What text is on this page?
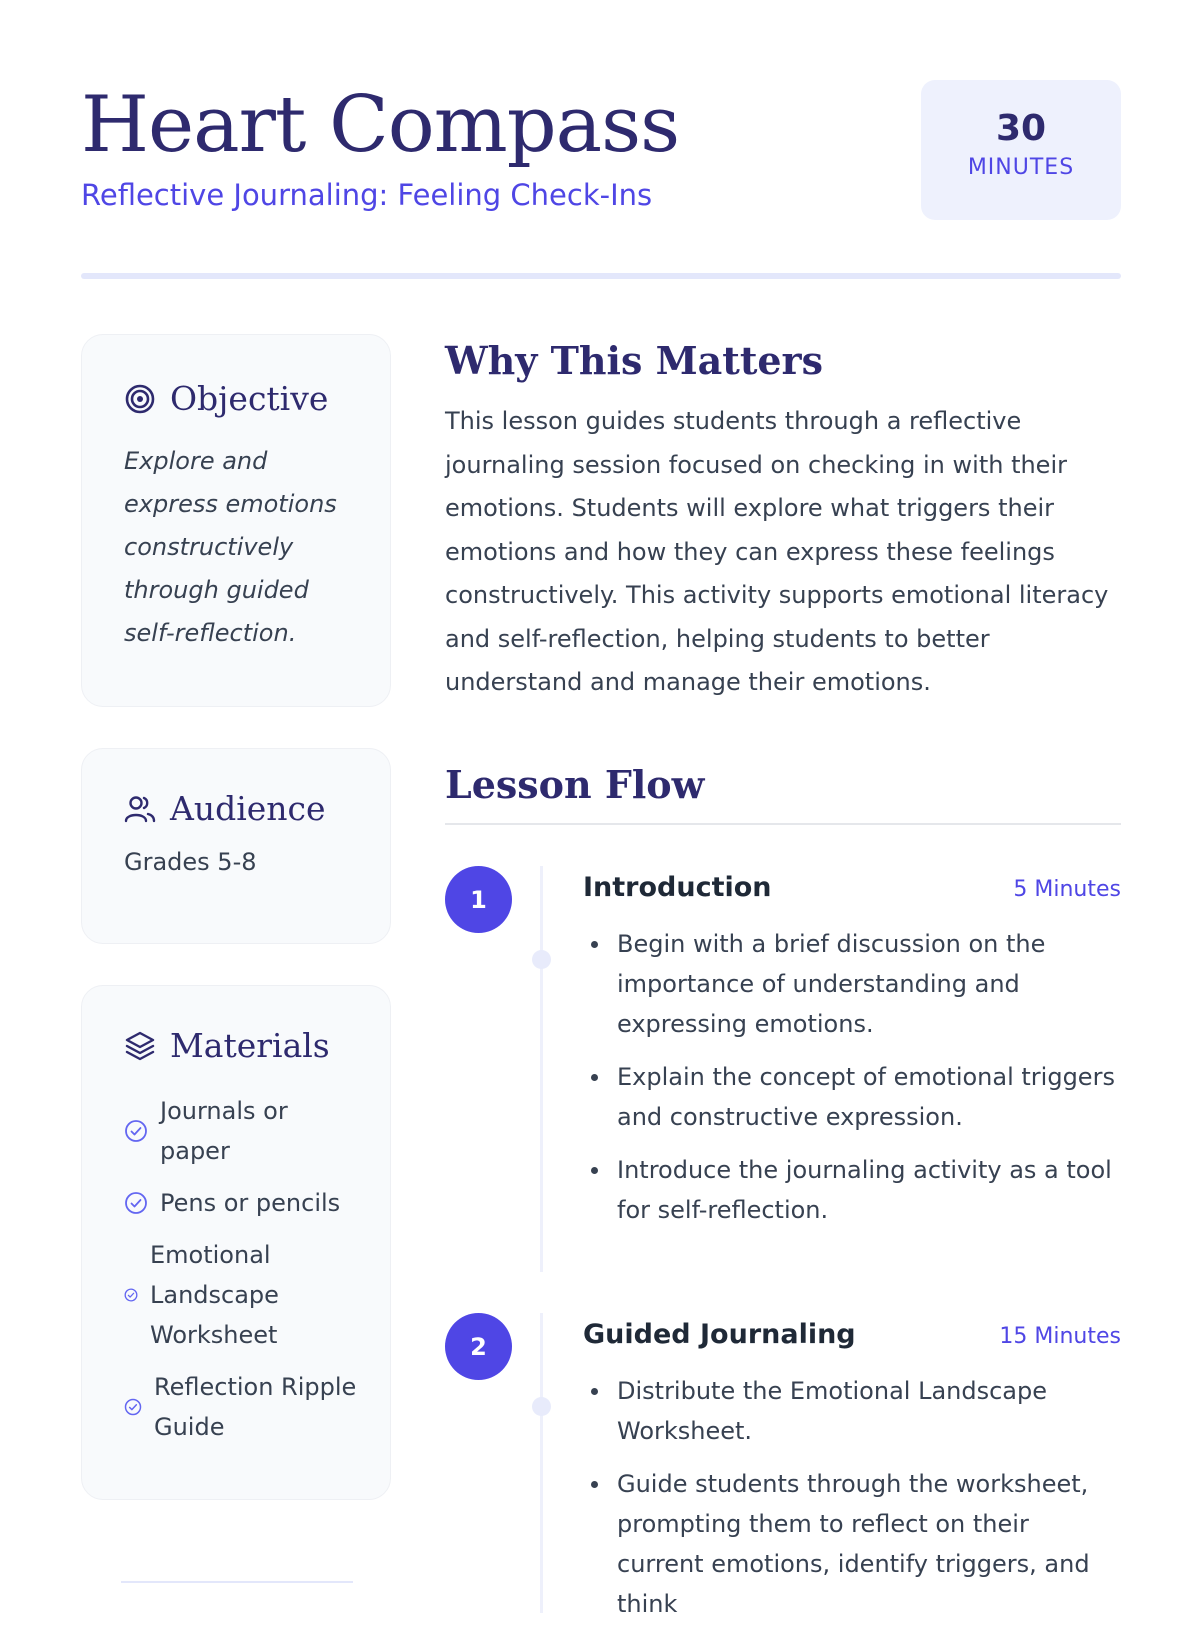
Heart Compass
Reflective Journaling: Feeling Check-Ins
30
MINUTES
Objective
Explore and express emotions constructively through guided self-reflection.
Audience
Grades 5-8
Materials
Journals or paper
Pens or pencils
Emotional Landscape Worksheet
Reflection Ripple Guide
Why This Matters
This lesson guides students through a reflective journaling session focused on checking in with their emotions. Students will explore what triggers their emotions and how they can express these feelings constructively. This activity supports emotional literacy and self-reflection, helping students to better understand and manage their emotions.
Lesson Flow
1	Introduction	5 Minutes
Begin with a brief discussion on the importance of understanding and expressing emotions.
Explain the concept of emotional triggers and constructive expression.
Introduce the journaling activity as a tool for self-reflection.
2	Guided Journaling	15 Minutes
Distribute the Emotional Landscape Worksheet.
Guide students through the worksheet, prompting them to reflect on their current emotions, identify triggers, and think
